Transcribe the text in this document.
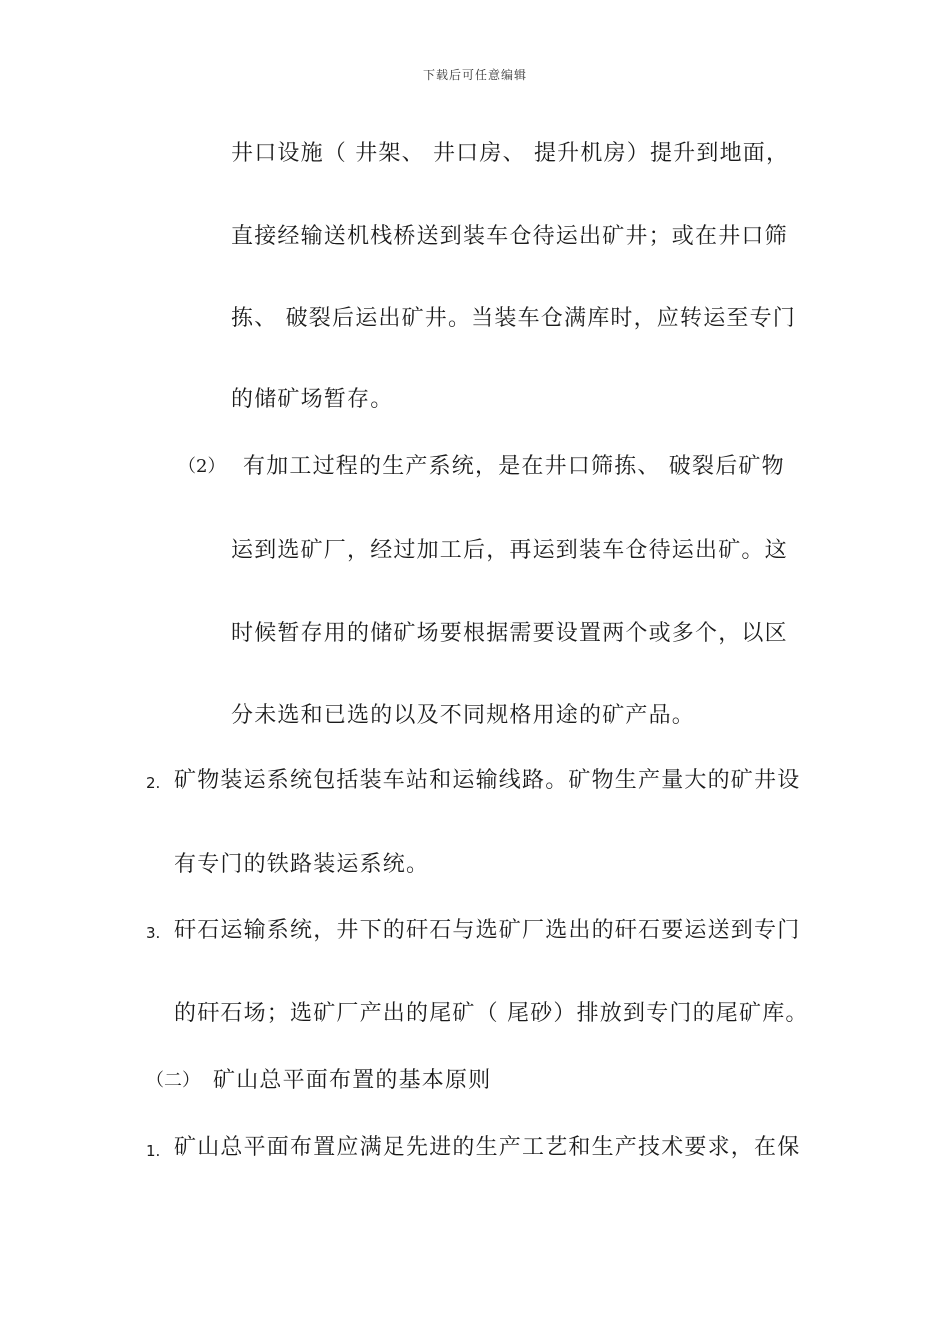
下载后可任意编辑
井口设施（ 井架、 井口房、 提升机房）提升到地面，
直接经输送机栈桥送到装车仓待运出矿井；或在井口筛
拣、 破裂后运出矿井。当装车仓满库时，应转运至专门
的储矿场暂存。
（2） 有加工过程的生产系统，是在井口筛拣、 破裂后矿物
运到选矿厂，经过加工后，再运到装车仓待运出矿。这
时候暂存用的储矿场要根据需要设置两个或多个，以区
分未选和已选的以及不同规格用途的矿产品。
2. 矿物装运系统包括装车站和运输线路。矿物生产量大的矿井设
有专门的铁路装运系统。
3. 矸石运输系统，井下的矸石与选矿厂选出的矸石要运送到专门
的矸石场；选矿厂产出的尾矿（ 尾砂）排放到专门的尾矿库。
（二） 矿山总平面布置的基本原则
1. 矿山总平面布置应满足先进的生产工艺和生产技术要求，在保
